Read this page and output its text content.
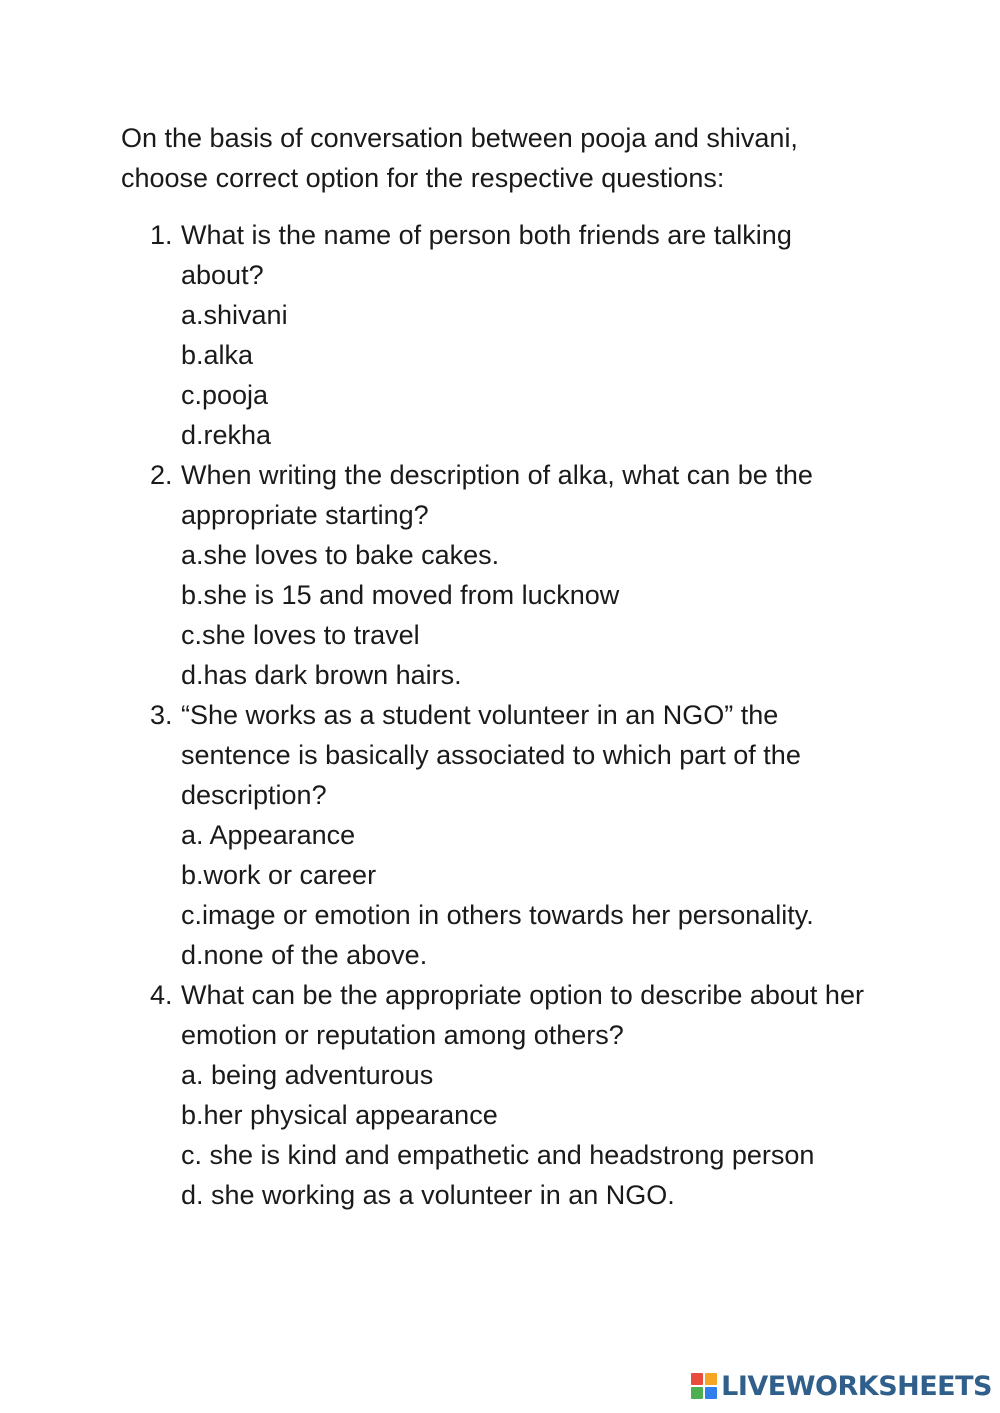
On the basis of conversation between pooja and shivani,

choose correct option for the respective questions:

1. What is the name of person both friends are talking about?
a.shivani
b.alka
c.pooja
d.rekha
2. When writing the description of alka, what can be the appropriate starting?
a.she loves to bake cakes.
b.she is 15 and moved from lucknow
c.she loves to travel
d.has dark brown hairs.
3. “She works as a student volunteer in an NGO” the sentence is basically associated to which part of the description?
a. Appearance
b.work or career
c.image or emotion in others towards her personality.
d.none of the above.
4. What can be the appropriate option to describe about her emotion or reputation among others?
a. being adventurous
b.her physical appearance
c. she is kind and empathetic and headstrong person
d. she working as a volunteer in an NGO.
LIVEWORKSHEETS
